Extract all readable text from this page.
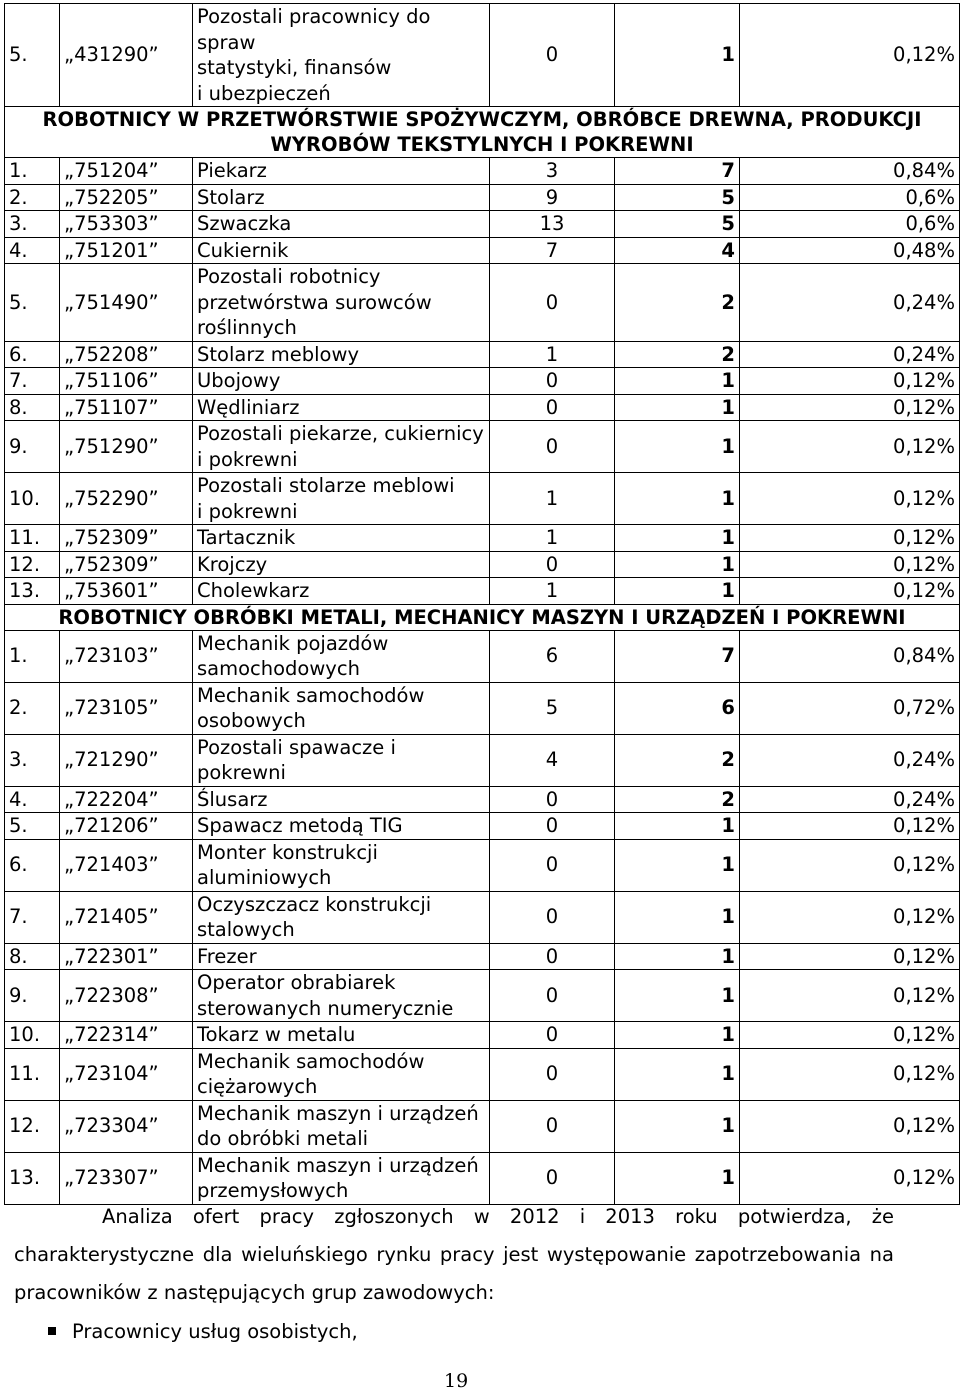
5.	„431290”	Pozostali pracownicy do spraw
statystyki, finansów
i ubezpieczeń	0	1	0,12%
ROBOTNICY W PRZETWÓRSTWIE SPOŻYWCZYM, OBRÓBCE DREWNA, PRODUKCJI
WYROBÓW TEKSTYLNYCH I POKREWNI					
1.	„751204”	Piekarz	3	7	0,84%
2.	„752205”	Stolarz	9	5	0,6%
3.	„753303”	Szwaczka	13	5	0,6%
4.	„751201”	Cukiernik	7	4	0,48%
5.	„751490”	Pozostali robotnicy
przetwórstwa surowców
roślinnych	0	2	0,24%
6.	„752208”	Stolarz meblowy	1	2	0,24%
7.	„751106”	Ubojowy	0	1	0,12%
8.	„751107”	Wędliniarz	0	1	0,12%
9.	„751290”	Pozostali piekarze, cukiernicy
i pokrewni	0	1	0,12%
10.	„752290”	Pozostali stolarze meblowi
i pokrewni	1	1	0,12%
11.	„752309”	Tartacznik	1	1	0,12%
12.	„752309”	Krojczy	0	1	0,12%
13.	„753601”	Cholewkarz	1	1	0,12%
ROBOTNICY OBRÓBKI METALI, MECHANICY MASZYN I URZĄDZEŃ I POKREWNI					
1.	„723103”	Mechanik pojazdów
samochodowych	6	7	0,84%
2.	„723105”	Mechanik samochodów
osobowych	5	6	0,72%
3.	„721290”	Pozostali spawacze i pokrewni	4	2	0,24%
4.	„722204”	Ślusarz	0	2	0,24%
5.	„721206”	Spawacz metodą TIG	0	1	0,12%
6.	„721403”	Monter konstrukcji
aluminiowych	0	1	0,12%
7.	„721405”	Oczyszczacz konstrukcji
stalowych	0	1	0,12%
8.	„722301”	Frezer	0	1	0,12%
9.	„722308”	Operator obrabiarek
sterowanych numerycznie	0	1	0,12%
10.	„722314”	Tokarz w metalu	0	1	0,12%
11.	„723104”	Mechanik samochodów
ciężarowych	0	1	0,12%
12.	„723304”	Mechanik maszyn i urządzeń
do obróbki metali	0	1	0,12%
13.	„723307”	Mechanik maszyn i urządzeń
przemysłowych	0	1	0,12%
Analiza ofert pracy zgłoszonych w 2012 i 2013 roku potwierdza, że
charakterystyczne dla wieluńskiego rynku pracy jest występowanie zapotrzebowania na
pracowników z następujących grup zawodowych:
Pracownicy usług osobistych,
19
